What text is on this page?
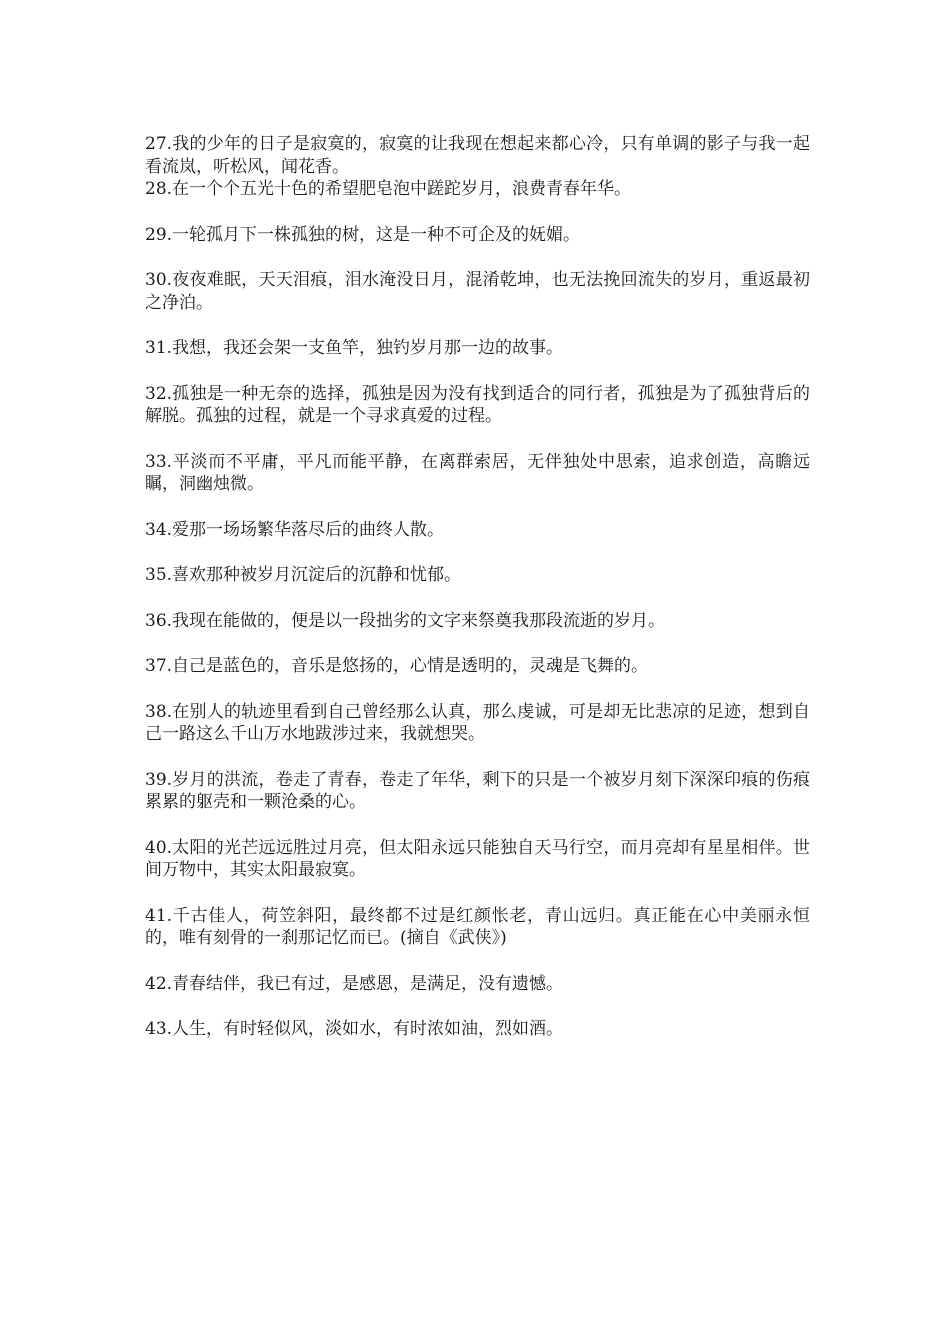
27.我的少年的日子是寂寞的，寂寞的让我现在想起来都心冷，只有单调的影子与我一起看流岚，听松风，闻花香。

28.在一个个五光十色的希望肥皂泡中蹉跎岁月，浪费青春年华。

29.一轮孤月下一株孤独的树，这是一种不可企及的妩媚。

30.夜夜难眠，天天泪痕，泪水淹没日月，混淆乾坤，也无法挽回流失的岁月，重返最初之净泊。

31.我想，我还会架一支鱼竿，独钓岁月那一边的故事。

32.孤独是一种无奈的选择，孤独是因为没有找到适合的同行者，孤独是为了孤独背后的解脱。孤独的过程，就是一个寻求真爱的过程。

33.平淡而不平庸，平凡而能平静，在离群索居，无伴独处中思索，追求创造，高瞻远瞩，洞幽烛微。

34.爱那一场场繁华落尽后的曲终人散。

35.喜欢那种被岁月沉淀后的沉静和忧郁。

36.我现在能做的，便是以一段拙劣的文字来祭奠我那段流逝的岁月。

37.自己是蓝色的，音乐是悠扬的，心情是透明的，灵魂是飞舞的。

38.在别人的轨迹里看到自己曾经那么认真，那么虔诚，可是却无比悲凉的足迹，想到自己一路这么千山万水地跋涉过来，我就想哭。

39.岁月的洪流，卷走了青春，卷走了年华，剩下的只是一个被岁月刻下深深印痕的伤痕累累的躯壳和一颗沧桑的心。

40.太阳的光芒远远胜过月亮，但太阳永远只能独自天马行空，而月亮却有星星相伴。世间万物中，其实太阳最寂寞。

41.千古佳人，荷笠斜阳，最终都不过是红颜怅老，青山远归。真正能在心中美丽永恒的，唯有刻骨的一刹那记忆而已。(摘自《武侠》)

42.青春结伴，我已有过，是感恩，是满足，没有遗憾。

43.人生，有时轻似风，淡如水，有时浓如油，烈如酒。
